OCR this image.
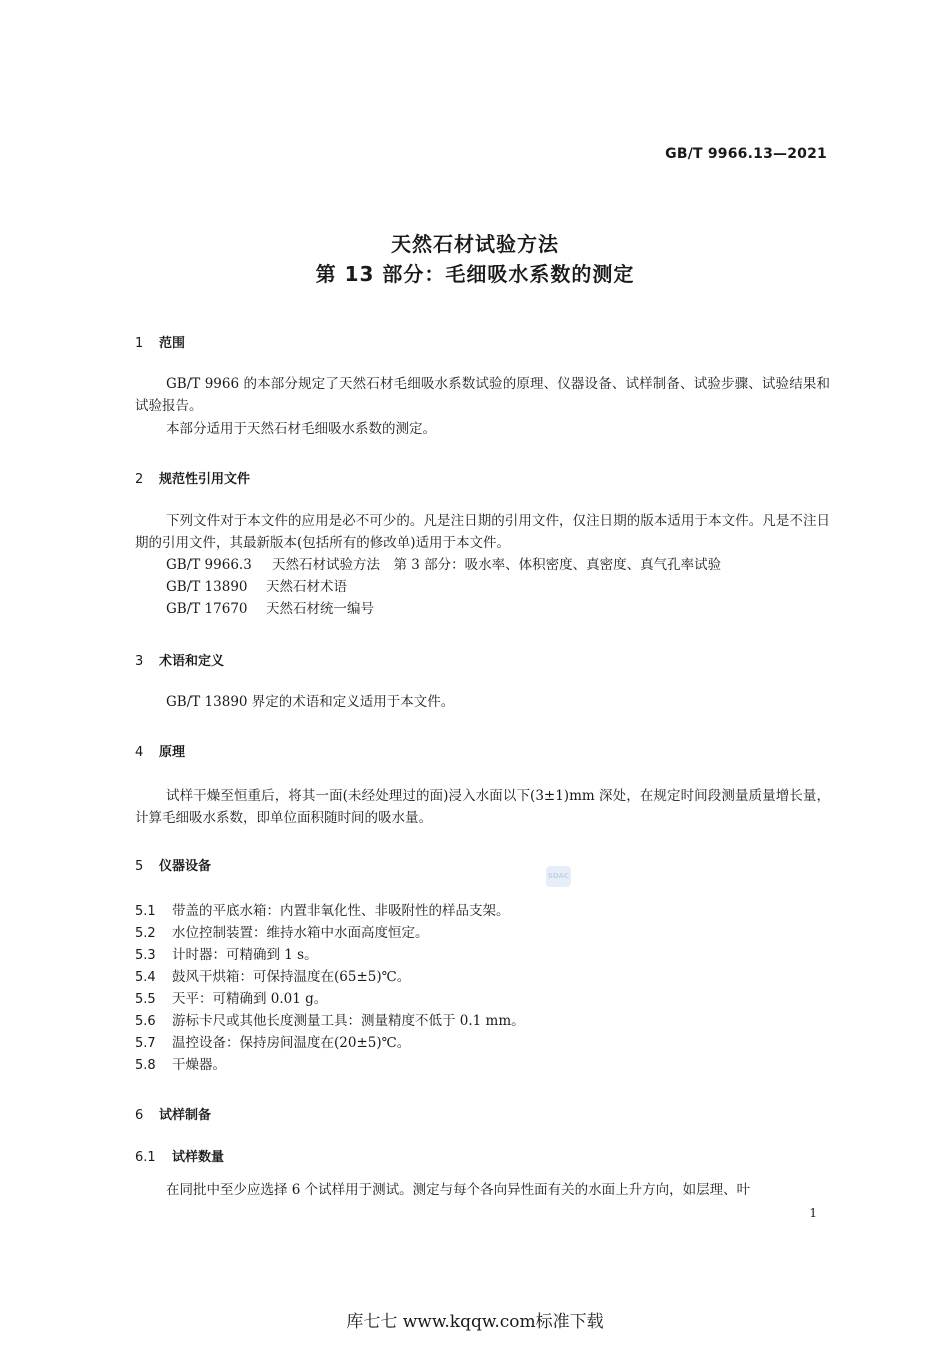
GB/T 9966.13—2021
天然石材试验方法
第 13 部分：毛细吸水系数的测定
1 范围
GB/T 9966 的本部分规定了天然石材毛细吸水系数试验的原理、仪器设备、试样制备、试验步骤、试验结果和试验报告。
本部分适用于天然石材毛细吸水系数的测定。
2 规范性引用文件
下列文件对于本文件的应用是必不可少的。凡是注日期的引用文件，仅注日期的版本适用于本文件。凡是不注日期的引用文件，其最新版本(包括所有的修改单)适用于本文件。
GB/T 9966.3 天然石材试验方法　第 3 部分：吸水率、体积密度、真密度、真气孔率试验
GB/T 13890 天然石材术语
GB/T 17670 天然石材统一编号
3 术语和定义
GB/T 13890 界定的术语和定义适用于本文件。
4 原理
试样干燥至恒重后，将其一面(未经处理过的面)浸入水面以下(3±1)mm 深处，在规定时间段测量质量增长量，计算毛细吸水系数，即单位面积随时间的吸水量。
5 仪器设备
SDAC
5.1 带盖的平底水箱：内置非氧化性、非吸附性的样品支架。
5.2 水位控制装置：维持水箱中水面高度恒定。
5.3 计时器：可精确到 1 s。
5.4 鼓风干烘箱：可保持温度在(65±5)℃。
5.5 天平：可精确到 0.01 g。
5.6 游标卡尺或其他长度测量工具：测量精度不低于 0.1 mm。
5.7 温控设备：保持房间温度在(20±5)℃。
5.8 干燥器。
6 试样制备
6.1 试样数量
在同批中至少应选择 6 个试样用于测试。测定与每个各向异性面有关的水面上升方向，如层理、叶
1
库七七 www.kqqw.com标准下载
